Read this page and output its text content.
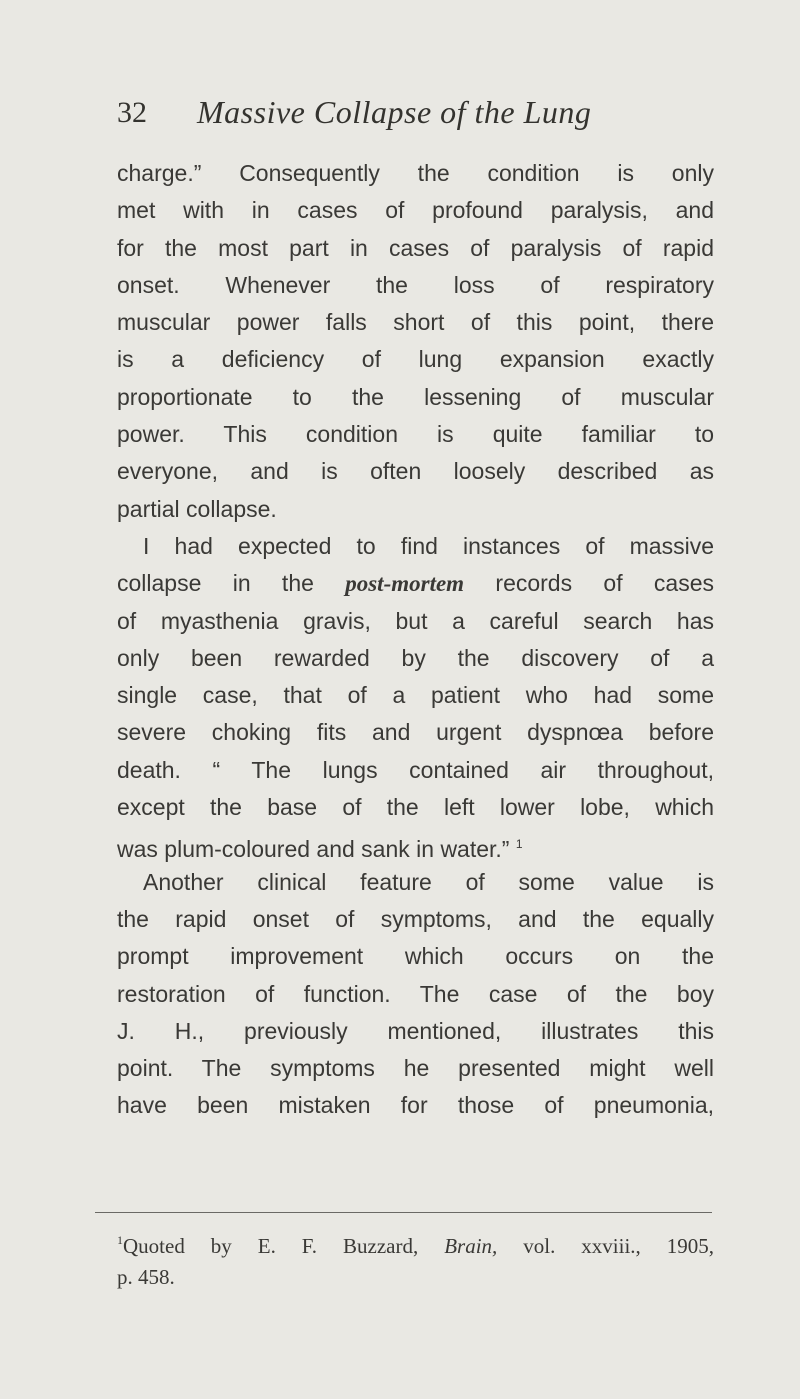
32 Massive Collapse of the Lung
charge.” Consequently the condition is only
met with in cases of profound paralysis, and
for the most part in cases of paralysis of rapid
onset. Whenever the loss of respiratory
muscular power falls short of this point, there
is a deficiency of lung expansion exactly
proportionate to the lessening of muscular
power. This condition is quite familiar to
everyone, and is often loosely described as
partial collapse.
I had expected to find instances of massive
collapse in the post-mortem records of cases
of myasthenia gravis, but a careful search has
only been rewarded by the discovery of a
single case, that of a patient who had some
severe choking fits and urgent dyspnœa before
death. “ The lungs contained air throughout,
except the base of the left lower lobe, which
was plum-coloured and sank in water.” $^1$
Another clinical feature of some value is
the rapid onset of symptoms, and the equally
prompt improvement which occurs on the
restoration of function. The case of the boy
J. H., previously mentioned, illustrates this
point. The symptoms he presented might well
have been mistaken for those of pneumonia,
$^1$Quoted by E. F. Buzzard, Brain, vol. xxviii., 1905,
p. 458.
